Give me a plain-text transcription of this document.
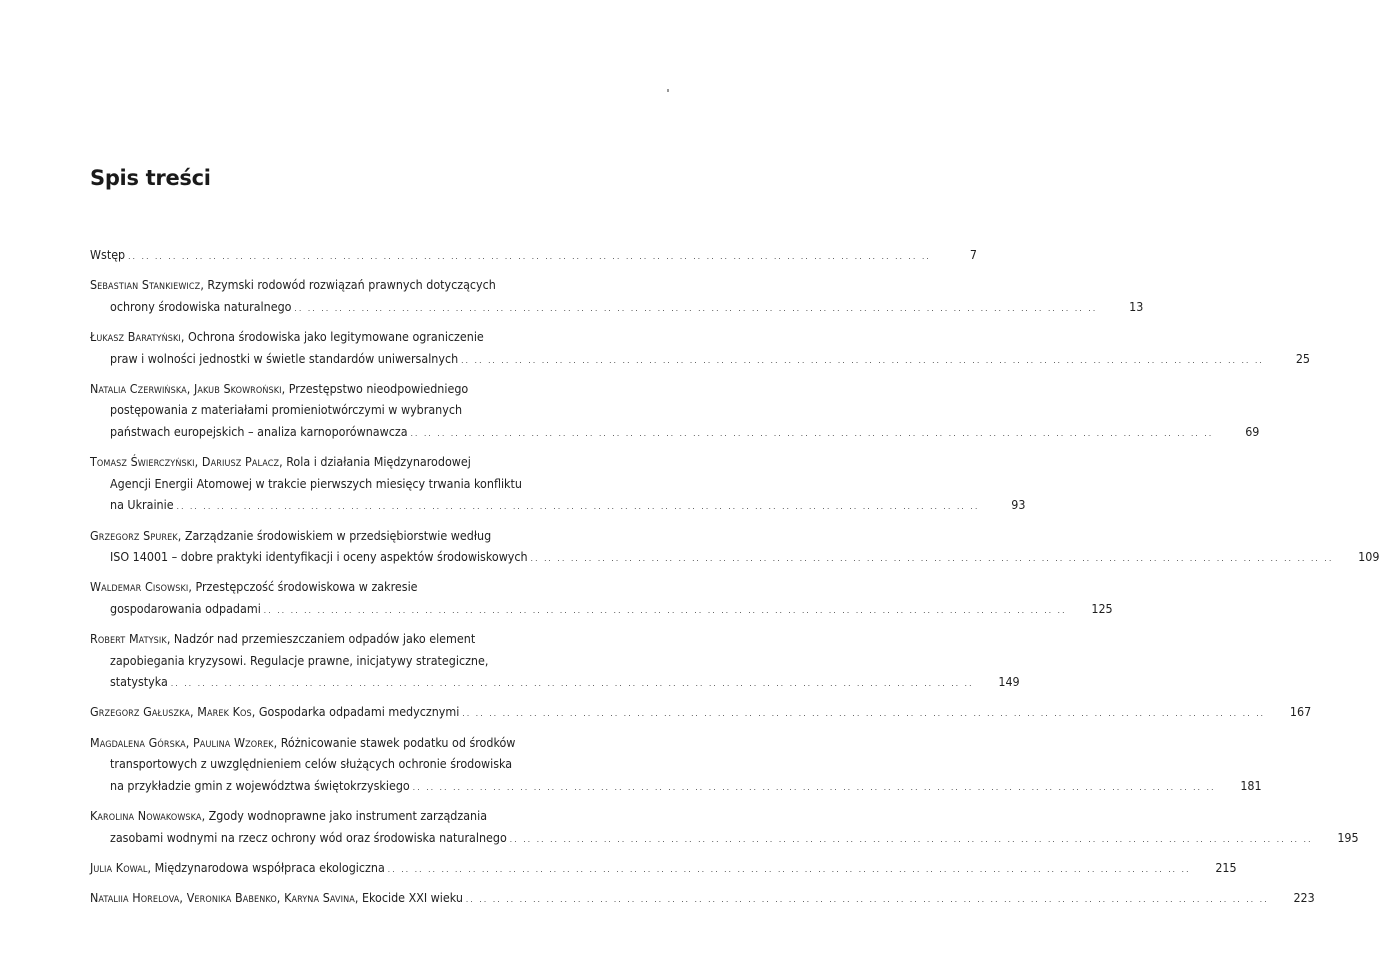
Spis treści
Wstęp .. .. .. .. .. .. .. .. .. .. .. .. .. .. .. .. .. .. .. .. .. .. .. .. .. .. .. .. .. .. .. .. .. .. .. .. .. .. .. .. .. .. .. .. .. .. .. .. .. .. .. .. .. .. .. .. .. .. .. ..	7
Sebastian Stankiewicz, Rzymski rodowód rozwiązań prawnych dotyczących
ochrony środowiska naturalnego .. .. .. .. .. .. .. .. .. .. .. .. .. .. .. .. .. .. .. .. .. .. .. .. .. .. .. .. .. .. .. .. .. .. .. .. .. .. .. .. .. .. .. .. .. .. .. .. .. .. .. .. .. .. .. .. .. .. .. ..	13
Łukasz Baratyński, Ochrona środowiska jako legitymowane ograniczenie
praw i wolności jednostki w świetle standardów uniwersalnych .. .. .. .. .. .. .. .. .. .. .. .. .. .. .. .. .. .. .. .. .. .. .. .. .. .. .. .. .. .. .. .. .. .. .. .. .. .. .. .. .. .. .. .. .. .. .. .. .. .. .. .. .. .. .. .. .. .. .. ..	25
Natalia Czerwińska, Jakub Skowroński, Przestępstwo nieodpowiedniego
postępowania z materiałami promieniotwórczymi w wybranych
państwach europejskich – analiza karnoporównawcza .. .. .. .. .. .. .. .. .. .. .. .. .. .. .. .. .. .. .. .. .. .. .. .. .. .. .. .. .. .. .. .. .. .. .. .. .. .. .. .. .. .. .. .. .. .. .. .. .. .. .. .. .. .. .. .. .. .. .. ..	69
Tomasz Świerczyński, Dariusz Palacz, Rola i działania Międzynarodowej
Agencji Energii Atomowej w trakcie pierwszych miesięcy trwania konfliktu
na Ukrainie .. .. .. .. .. .. .. .. .. .. .. .. .. .. .. .. .. .. .. .. .. .. .. .. .. .. .. .. .. .. .. .. .. .. .. .. .. .. .. .. .. .. .. .. .. .. .. .. .. .. .. .. .. .. .. .. .. .. .. ..	93
Grzegorz Spurek, Zarządzanie środowiskiem w przedsiębiorstwie według
ISO 14001 – dobre praktyki identyfikacji i oceny aspektów środowiskowych .. .. .. .. .. .. .. .. .. .. .. .. .. .. .. .. .. .. .. .. .. .. .. .. .. .. .. .. .. .. .. .. .. .. .. .. .. .. .. .. .. .. .. .. .. .. .. .. .. .. .. .. .. .. .. .. .. .. .. ..	109
Waldemar Cisowski, Przestępczość środowiskowa w zakresie
gospodarowania odpadami .. .. .. .. .. .. .. .. .. .. .. .. .. .. .. .. .. .. .. .. .. .. .. .. .. .. .. .. .. .. .. .. .. .. .. .. .. .. .. .. .. .. .. .. .. .. .. .. .. .. .. .. .. .. .. .. .. .. .. ..	125
Robert Matysik, Nadzór nad przemieszczaniem odpadów jako element
zapobiegania kryzysowi. Regulacje prawne, inicjatywy strategiczne,
statystyka .. .. .. .. .. .. .. .. .. .. .. .. .. .. .. .. .. .. .. .. .. .. .. .. .. .. .. .. .. .. .. .. .. .. .. .. .. .. .. .. .. .. .. .. .. .. .. .. .. .. .. .. .. .. .. .. .. .. .. ..	149
Grzegorz Gałuszka, Marek Kos, Gospodarka odpadami medycznymi .. .. .. .. .. .. .. .. .. .. .. .. .. .. .. .. .. .. .. .. .. .. .. .. .. .. .. .. .. .. .. .. .. .. .. .. .. .. .. .. .. .. .. .. .. .. .. .. .. .. .. .. .. .. .. .. .. .. .. ..	167
Magdalena Górska, Paulina Wzorek, Różnicowanie stawek podatku od środków
transportowych z uwzględnieniem celów służących ochronie środowiska
na przykładzie gmin z województwa świętokrzyskiego .. .. .. .. .. .. .. .. .. .. .. .. .. .. .. .. .. .. .. .. .. .. .. .. .. .. .. .. .. .. .. .. .. .. .. .. .. .. .. .. .. .. .. .. .. .. .. .. .. .. .. .. .. .. .. .. .. .. .. ..	181
Karolina Nowakowska, Zgody wodnoprawne jako instrument zarządzania
zasobami wodnymi na rzecz ochrony wód oraz środowiska naturalnego .. .. .. .. .. .. .. .. .. .. .. .. .. .. .. .. .. .. .. .. .. .. .. .. .. .. .. .. .. .. .. .. .. .. .. .. .. .. .. .. .. .. .. .. .. .. .. .. .. .. .. .. .. .. .. .. .. .. .. ..	195
Julia Kowal, Międzynarodowa współpraca ekologiczna .. .. .. .. .. .. .. .. .. .. .. .. .. .. .. .. .. .. .. .. .. .. .. .. .. .. .. .. .. .. .. .. .. .. .. .. .. .. .. .. .. .. .. .. .. .. .. .. .. .. .. .. .. .. .. .. .. .. .. ..	215
Nataliia Horelova, Veronika Babenko, Karyna Savina, Ekocide XXI wieku .. .. .. .. .. .. .. .. .. .. .. .. .. .. .. .. .. .. .. .. .. .. .. .. .. .. .. .. .. .. .. .. .. .. .. .. .. .. .. .. .. .. .. .. .. .. .. .. .. .. .. .. .. .. .. .. .. .. .. ..	223
